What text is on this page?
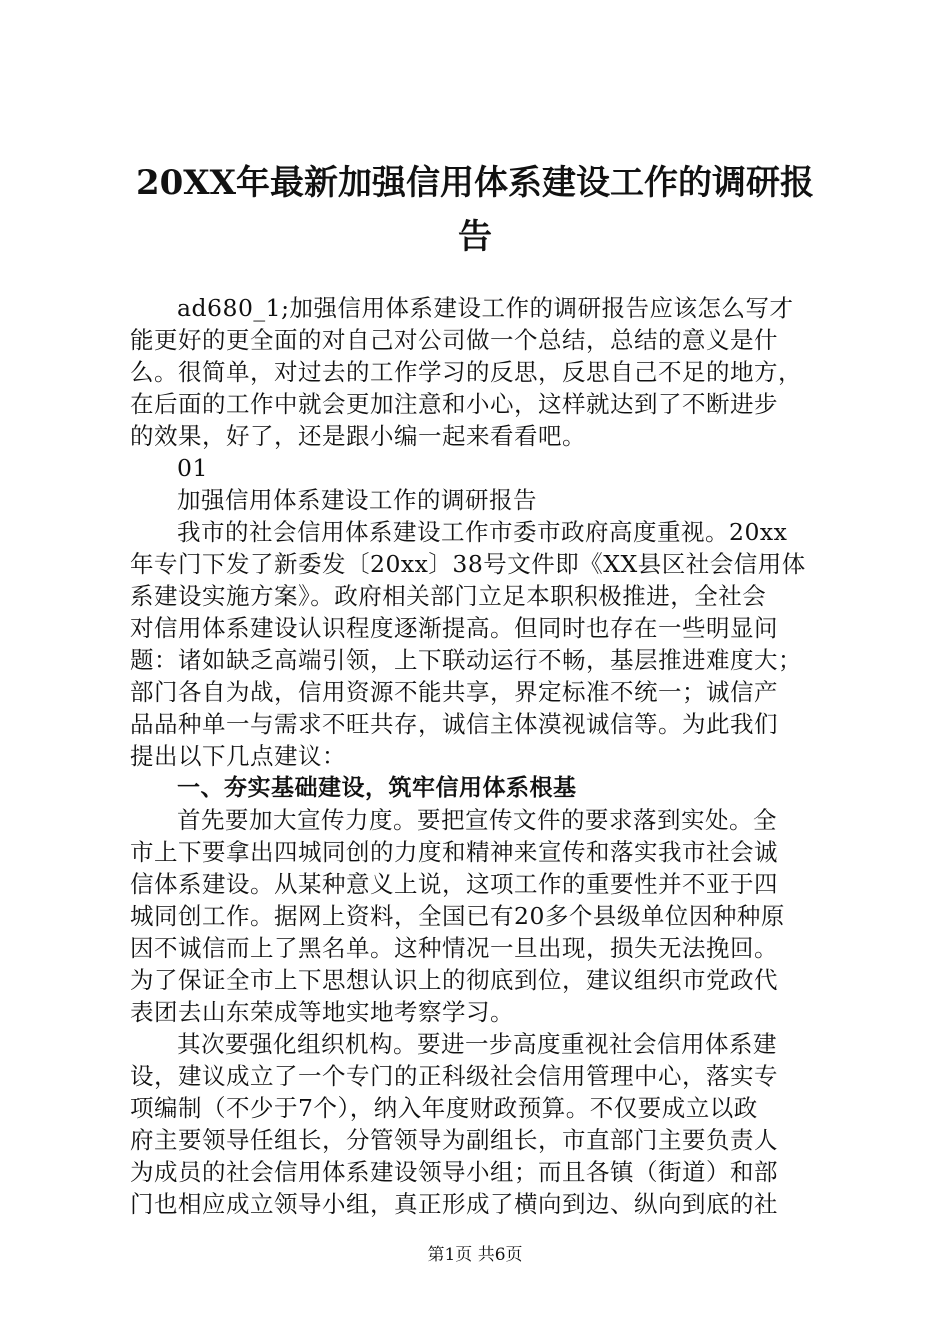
20XX年最新加强信用体系建设工作的调研报
告
ad680_1;加强信用体系建设工作的调研报告应该怎么写才
能更好的更全面的对自己对公司做一个总结，总结的意义是什
么。很简单，对过去的工作学习的反思，反思自己不足的地方，
在后面的工作中就会更加注意和小心，这样就达到了不断进步
的效果，好了，还是跟小编一起来看看吧。
01
加强信用体系建设工作的调研报告
我市的社会信用体系建设工作市委市政府高度重视。20xx
年专门下发了新委发〔20xx〕38号文件即《XX县区社会信用体
系建设实施方案》。政府相关部门立足本职积极推进，全社会
对信用体系建设认识程度逐渐提高。但同时也存在一些明显问
题：诸如缺乏高端引领，上下联动运行不畅，基层推进难度大；
部门各自为战，信用资源不能共享，界定标准不统一；诚信产
品品种单一与需求不旺共存，诚信主体漠视诚信等。为此我们
提出以下几点建议：
一、夯实基础建设，筑牢信用体系根基
首先要加大宣传力度。要把宣传文件的要求落到实处。全
市上下要拿出四城同创的力度和精神来宣传和落实我市社会诚
信体系建设。从某种意义上说，这项工作的重要性并不亚于四
城同创工作。据网上资料，全国已有20多个县级单位因种种原
因不诚信而上了黑名单。这种情况一旦出现，损失无法挽回。
为了保证全市上下思想认识上的彻底到位，建议组织市党政代
表团去山东荣成等地实地考察学习。
其次要强化组织机构。要进一步高度重视社会信用体系建
设，建议成立了一个专门的正科级社会信用管理中心，落实专
项编制（不少于7个），纳入年度财政预算。不仅要成立以政
府主要领导任组长，分管领导为副组长，市直部门主要负责人
为成员的社会信用体系建设领导小组；而且各镇（街道）和部
门也相应成立领导小组，真正形成了横向到边、纵向到底的社
第1页 共6页
